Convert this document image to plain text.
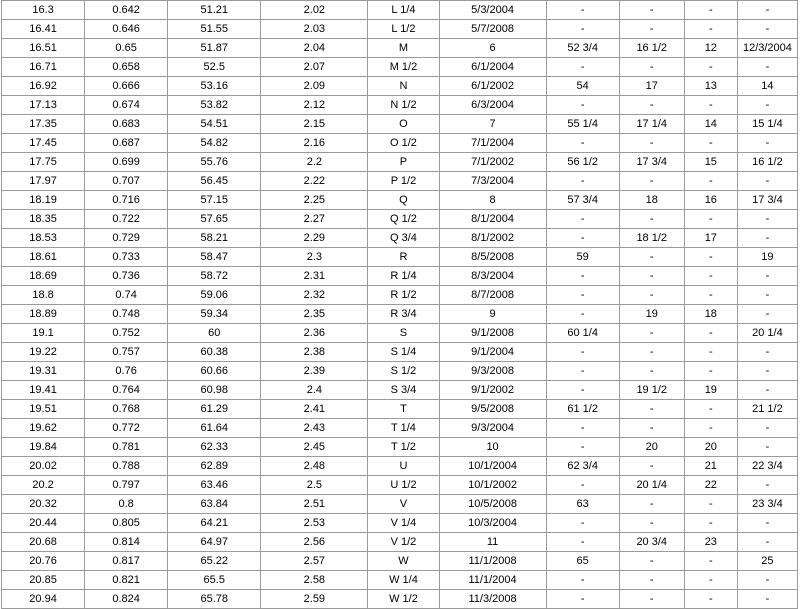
16.3	0.642	51.21	2.02	L 1/4	5/3/2004	-	-	-	-
16.41	0.646	51.55	2.03	L 1/2	5/7/2008	-	-	-	-
16.51	0.65	51.87	2.04	M	6	52 3/4	16 1/2	12	12/3/2004
16.71	0.658	52.5	2.07	M 1/2	6/1/2004	-	-	-	-
16.92	0.666	53.16	2.09	N	6/1/2002	54	17	13	14
17.13	0.674	53.82	2.12	N 1/2	6/3/2004	-	-	-	-
17.35	0.683	54.51	2.15	O	7	55 1/4	17 1/4	14	15 1/4
17.45	0.687	54.82	2.16	O 1/2	7/1/2004	-	-	-	-
17.75	0.699	55.76	2.2	P	7/1/2002	56 1/2	17 3/4	15	16 1/2
17.97	0.707	56.45	2.22	P 1/2	7/3/2004	-	-	-	-
18.19	0.716	57.15	2.25	Q	8	57 3/4	18	16	17 3/4
18.35	0.722	57.65	2.27	Q 1/2	8/1/2004	-	-	-	-
18.53	0.729	58.21	2.29	Q 3/4	8/1/2002	-	18 1/2	17	-
18.61	0.733	58.47	2.3	R	8/5/2008	59	-	-	19
18.69	0.736	58.72	2.31	R 1/4	8/3/2004	-	-	-	-
18.8	0.74	59.06	2.32	R 1/2	8/7/2008	-	-	-	-
18.89	0.748	59.34	2.35	R 3/4	9	-	19	18	-
19.1	0.752	60	2.36	S	9/1/2008	60 1/4	-	-	20 1/4
19.22	0.757	60.38	2.38	S 1/4	9/1/2004	-	-	-	-
19.31	0.76	60.66	2.39	S 1/2	9/3/2008	-	-	-	-
19.41	0.764	60.98	2.4	S 3/4	9/1/2002	-	19 1/2	19	-
19.51	0.768	61.29	2.41	T	9/5/2008	61 1/2	-	-	21 1/2
19.62	0.772	61.64	2.43	T 1/4	9/3/2004	-	-	-	-
19.84	0.781	62.33	2.45	T 1/2	10	-	20	20	-
20.02	0.788	62.89	2.48	U	10/1/2004	62 3/4	-	21	22 3/4
20.2	0.797	63.46	2.5	U 1/2	10/1/2002	-	20 1/4	22	-
20.32	0.8	63.84	2.51	V	10/5/2008	63	-	-	23 3/4
20.44	0.805	64.21	2.53	V 1/4	10/3/2004	-	-	-	-
20.68	0.814	64.97	2.56	V 1/2	11	-	20 3/4	23	-
20.76	0.817	65.22	2.57	W	11/1/2008	65	-	-	25
20.85	0.821	65.5	2.58	W 1/4	11/1/2004	-	-	-	-
20.94	0.824	65.78	2.59	W 1/2	11/3/2008	-	-	-	-
